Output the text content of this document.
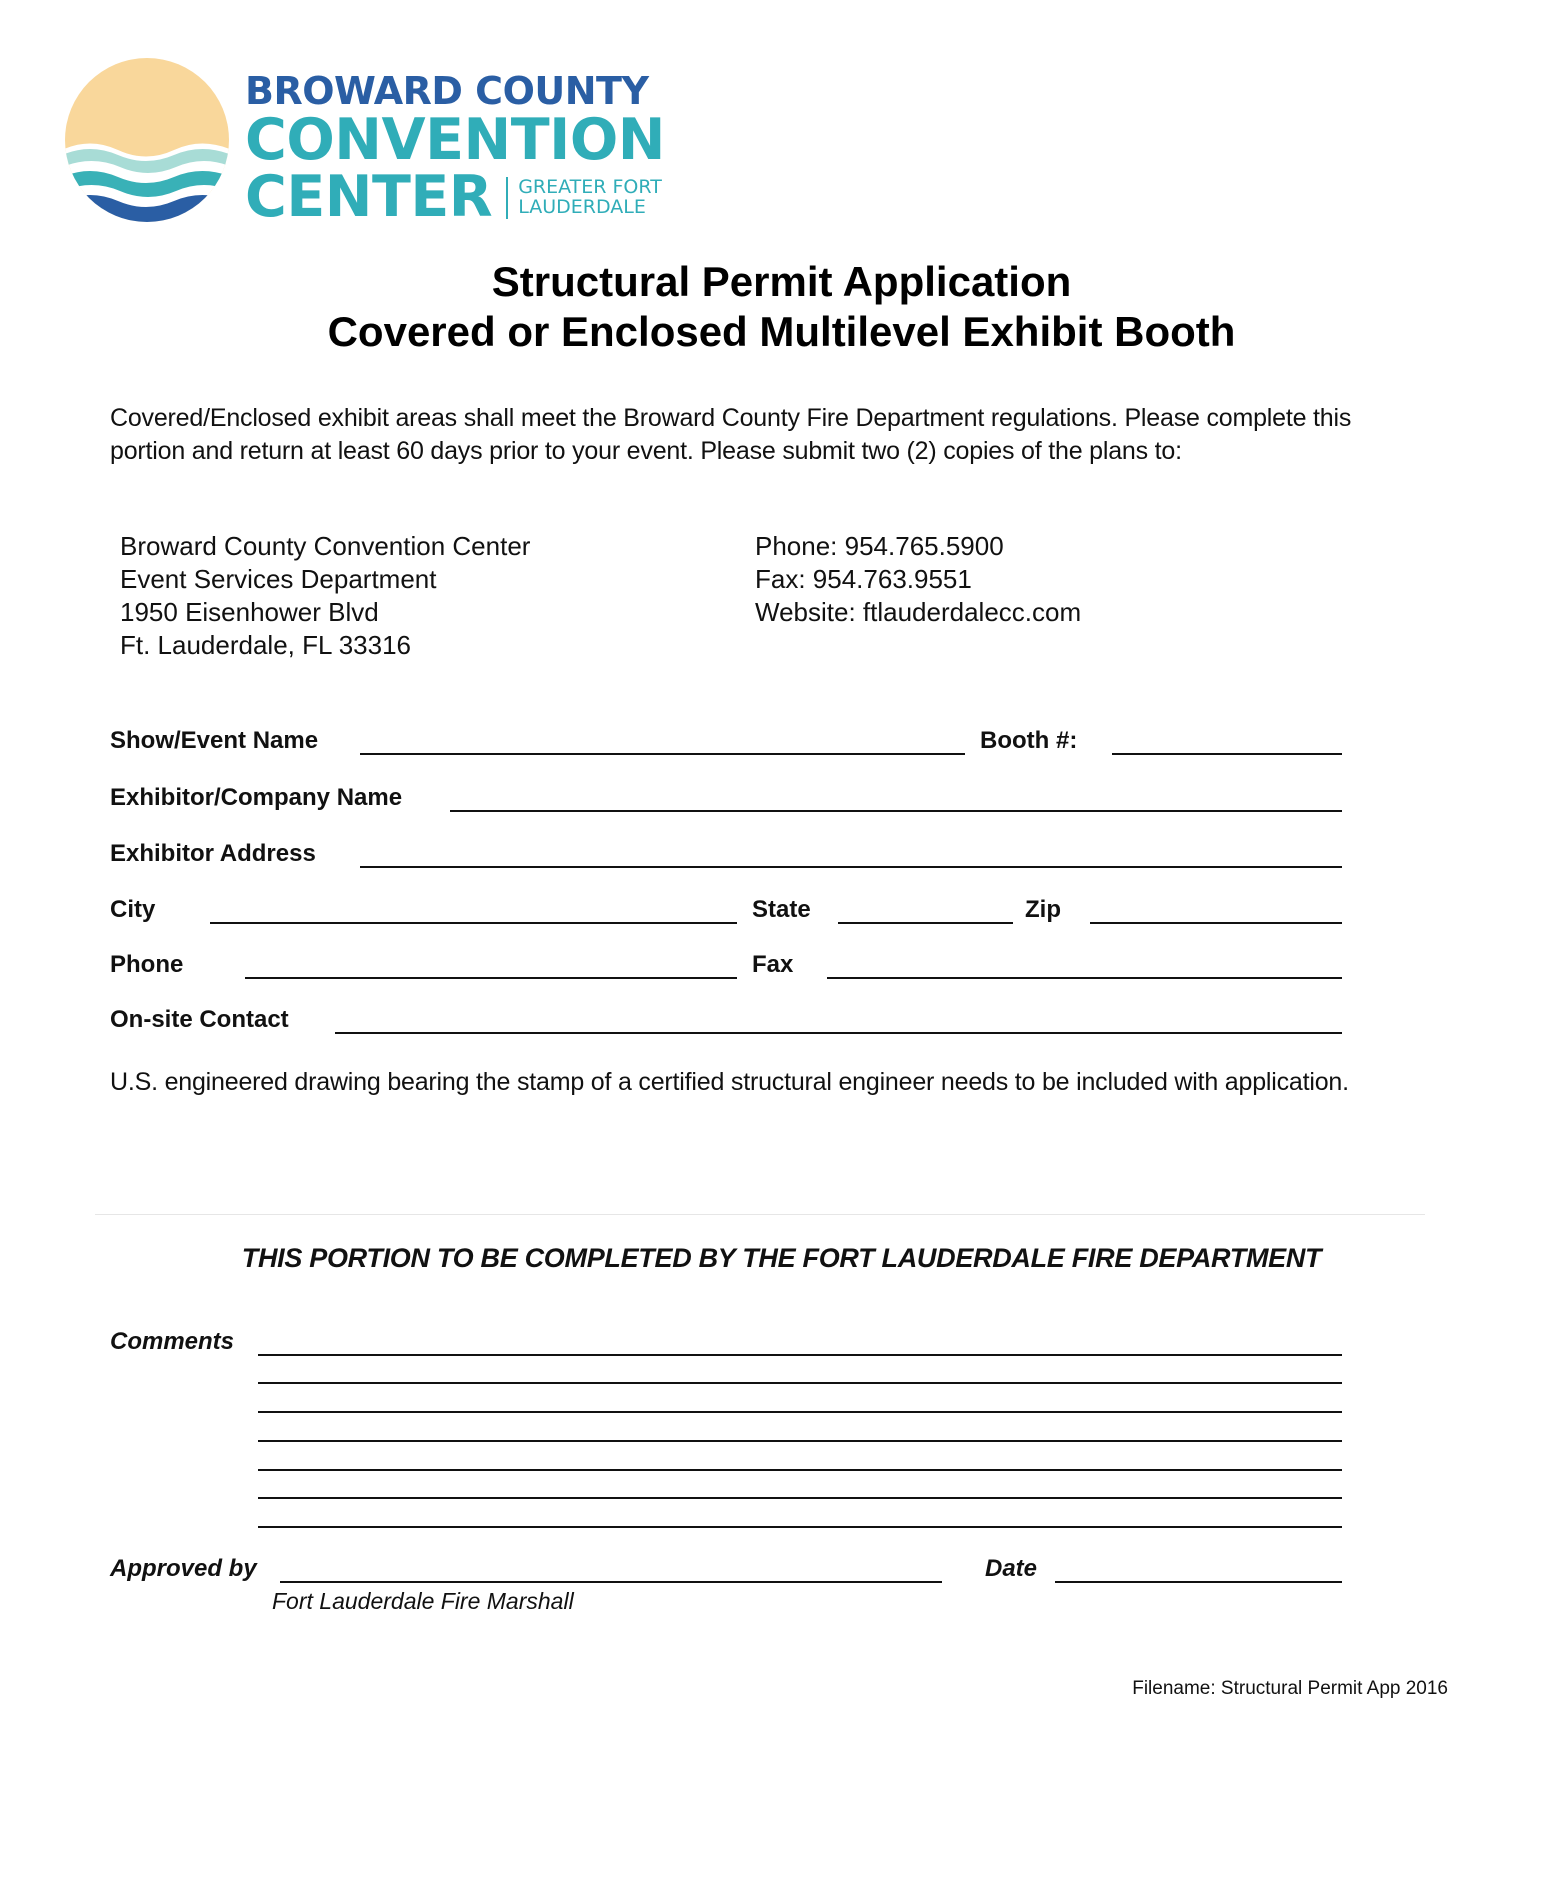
BROWARD COUNTY
CONVENTION
CENTER GREATER FORT
LAUDERDALE
Structural Permit Application
Covered or Enclosed Multilevel Exhibit Booth
Covered/Enclosed exhibit areas shall meet the Broward County Fire Department regulations. Please complete this
portion and return at least 60 days prior to your event. Please submit two (2) copies of the plans to:
Broward County Convention Center
Event Services Department
1950 Eisenhower Blvd
Ft. Lauderdale, FL 33316
Phone: 954.765.5900
Fax: 954.763.9551
Website: ftlauderdalecc.com
Show/Event Name	Booth #:
Exhibitor/Company Name
Exhibitor Address
City	State	Zip
Phone	Fax
On-site Contact
U.S. engineered drawing bearing the stamp of a certified structural engineer needs to be included with application.
THIS PORTION TO BE COMPLETED BY THE FORT LAUDERDALE FIRE DEPARTMENT
Comments
Approved by	Date
Fort Lauderdale Fire Marshall
Filename: Structural Permit App 2016
